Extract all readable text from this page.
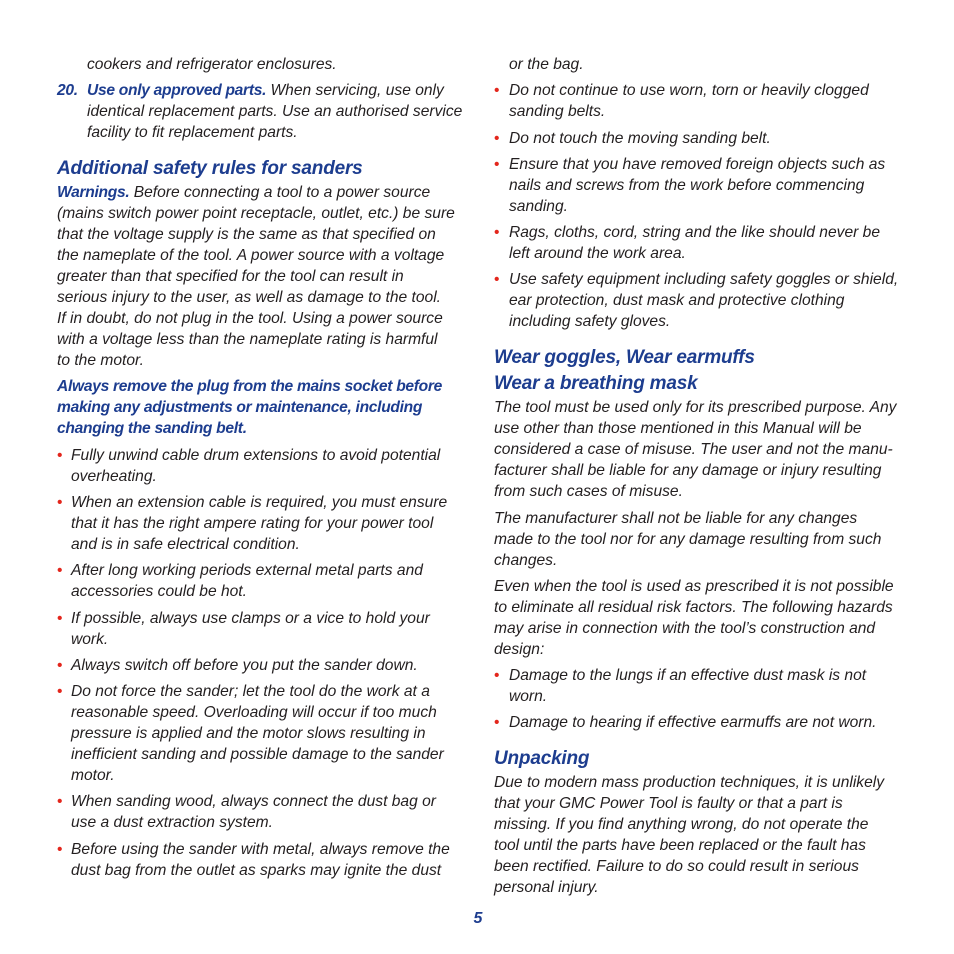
cookers and refrigerator enclosures.

20. Use only approved parts. When servicing, use only
identical replacement parts. Use an authorised service
facility to fit replacement parts.

Additional safety rules for sanders

Warnings. Before connecting a tool to a power source
(mains switch power point receptacle, outlet, etc.) be sure
that the voltage supply is the same as that specified on
the nameplate of the tool. A power source with a voltage
greater than that specified for the tool can result in
serious injury to the user, as well as damage to the tool.
If in doubt, do not plug in the tool. Using a power source
with a voltage less than the nameplate rating is harmful
to the motor.

Always remove the plug from the mains socket before
making any adjustments or maintenance, including
changing the sanding belt.

• Fully unwind cable drum extensions to avoid potential
overheating.

• When an extension cable is required, you must ensure
that it has the right ampere rating for your power tool
and is in safe electrical condition.

• After long working periods external metal parts and
accessories could be hot.

• If possible, always use clamps or a vice to hold your
work.

• Always switch off before you put the sander down.

• Do not force the sander; let the tool do the work at a
reasonable speed. Overloading will occur if too much
pressure is applied and the motor slows resulting in
inefficient sanding and possible damage to the sander
motor.

• When sanding wood, always connect the dust bag or
use a dust extraction system.

• Before using the sander with metal, always remove the
dust bag from the outlet as sparks may ignite the dust

or the bag.

• Do not continue to use worn, torn or heavily clogged
sanding belts.

• Do not touch the moving sanding belt.

• Ensure that you have removed foreign objects such as
nails and screws from the work before commencing
sanding.

• Rags, cloths, cord, string and the like should never be
left around the work area.

• Use safety equipment including safety goggles or shield,
ear protection, dust mask and protective clothing
including safety gloves.

Wear goggles, Wear earmuffs
Wear a breathing mask

The tool must be used only for its prescribed purpose. Any
use other than those mentioned in this Manual will be
considered a case of misuse. The user and not the manu-
facturer shall be liable for any damage or injury resulting
from such cases of misuse.

The manufacturer shall not be liable for any changes
made to the tool nor for any damage resulting from such
changes.

Even when the tool is used as prescribed it is not possible
to eliminate all residual risk factors. The following hazards
may arise in connection with the tool’s construction and
design:

• Damage to the lungs if an effective dust mask is not
worn.

• Damage to hearing if effective earmuffs are not worn.

Unpacking

Due to modern mass production techniques, it is unlikely
that your GMC Power Tool is faulty or that a part is
missing. If you find anything wrong, do not operate the
tool until the parts have been replaced or the fault has
been rectified. Failure to do so could result in serious
personal injury.

5
